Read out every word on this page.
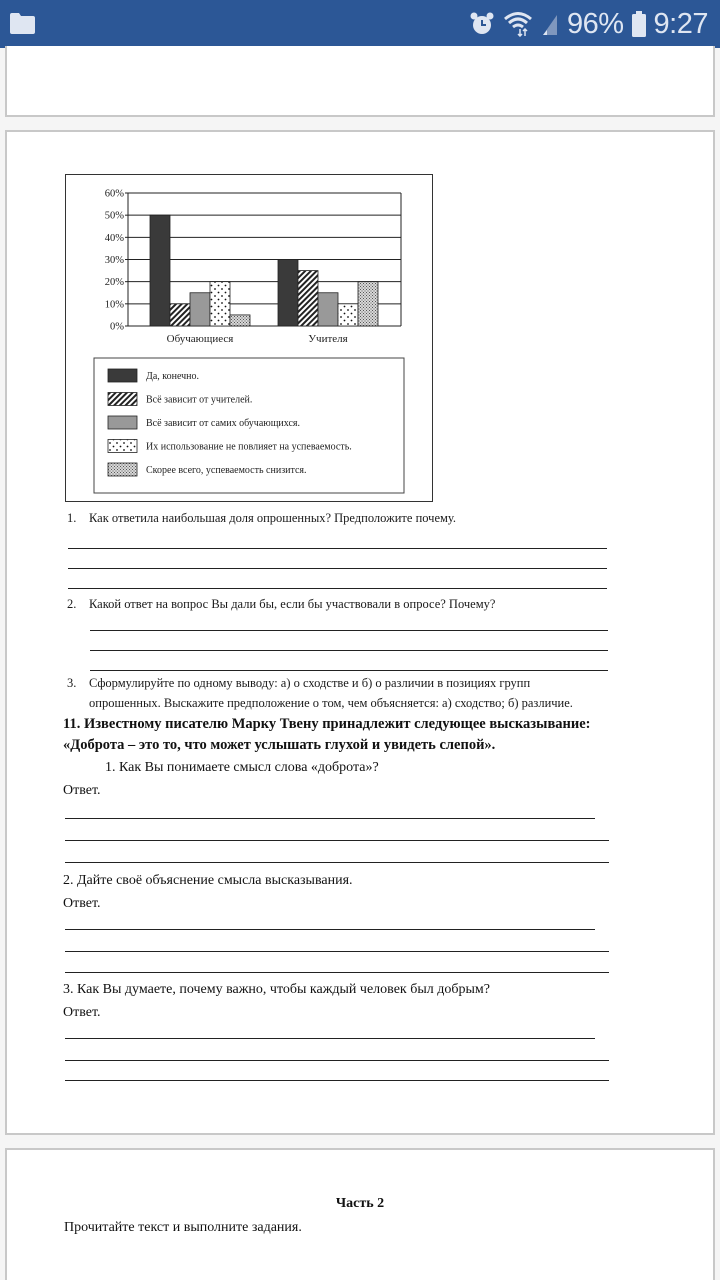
96% 9:27
0%
10%
20%
30%
40%
50%
60%
Обучающиеся	Учителя
Да, конечно.
Всё зависит от учителей.
Всё зависит от самих обучающихся.
Их использование не повлияет на успеваемость.
Скорее всего, успеваемость снизится.
1. Как ответила наибольшая доля опрошенных? Предположите почему.
2. Какой ответ на вопрос Вы дали бы, если бы участвовали в опросе? Почему?
3. Сформулируйте по одному выводу: а) о сходстве и б) о различии в позициях групп
опрошенных. Выскажите предположение о том, чем объясняется: а) сходство; б) различие.
11. Известному писателю Марку Твену принадлежит следующее высказывание:
«Доброта – это то, что может услышать глухой и увидеть слепой».
1. Как Вы понимаете смысл слова «доброта»?
Ответ.
2. Дайте своё объяснение смысла высказывания.
Ответ.
3. Как Вы думаете, почему важно, чтобы каждый человек был добрым?
Ответ.
Часть 2
Прочитайте текст и выполните задания.
